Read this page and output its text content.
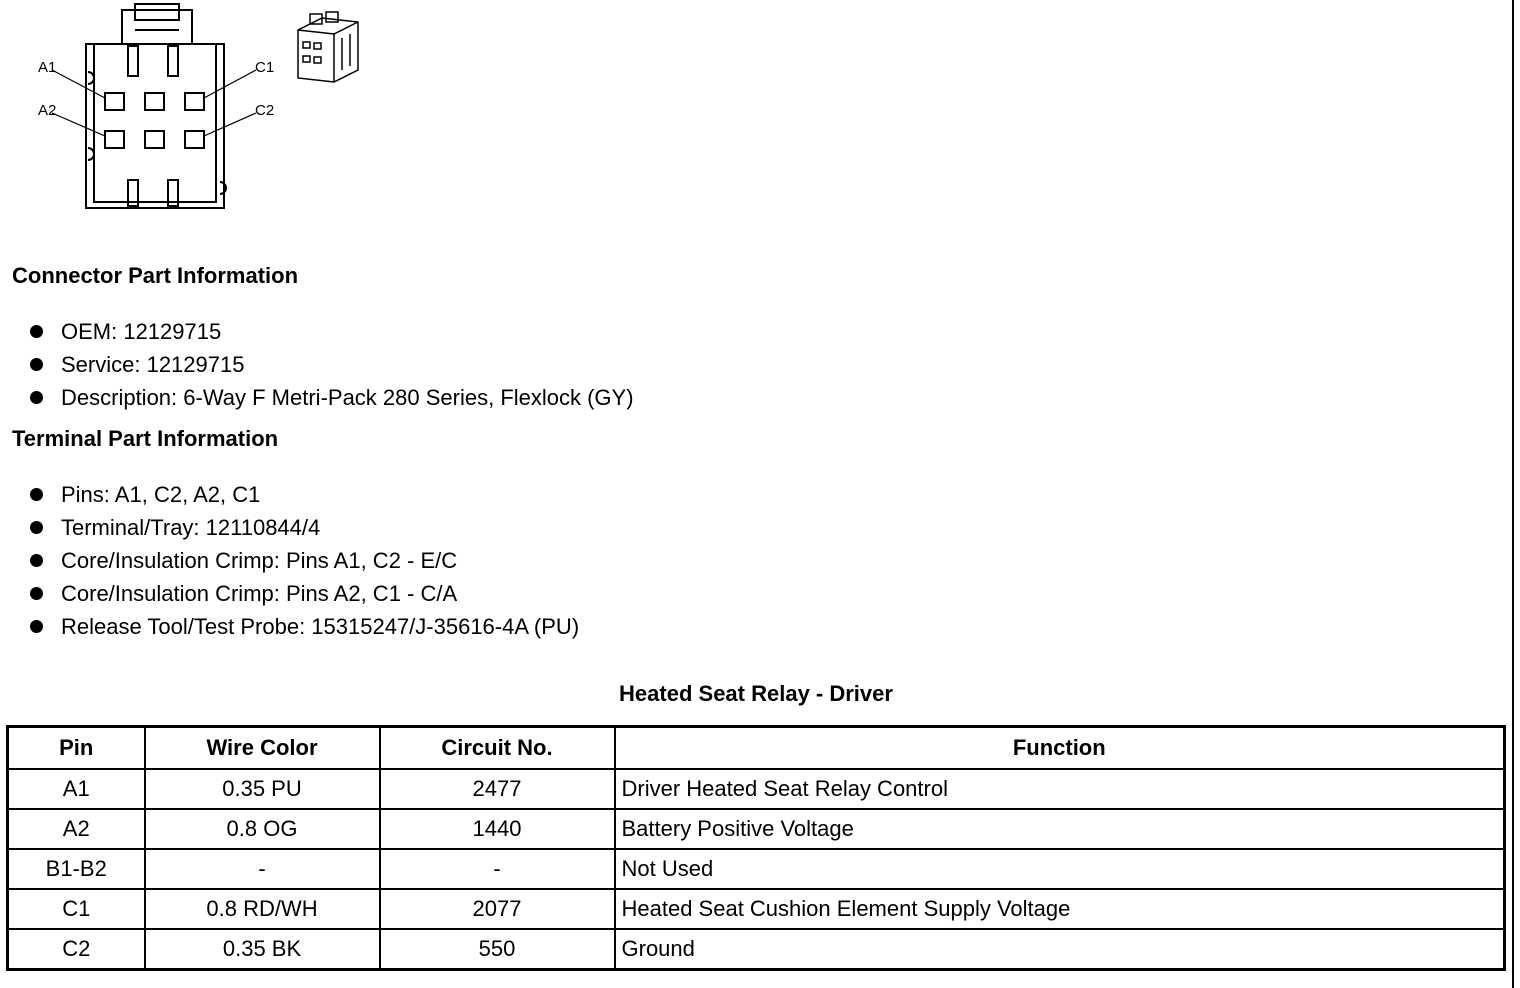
A1
A2
C1
C2
Connector Part Information
OEM: 12129715
Service: 12129715
Description: 6-Way F Metri-Pack 280 Series, Flexlock (GY)
Terminal Part Information
Pins: A1, C2, A2, C1
Terminal/Tray: 12110844/4
Core/Insulation Crimp: Pins A1, C2 - E/C
Core/Insulation Crimp: Pins A2, C1 - C/A
Release Tool/Test Probe: 15315247/J-35616-4A (PU)
Heated Seat Relay - Driver
Pin	Wire Color	Circuit No.	Function
A1	0.35 PU	2477	Driver Heated Seat Relay Control
A2	0.8 OG	1440	Battery Positive Voltage
B1-B2	-	-	Not Used
C1	0.8 RD/WH	2077	Heated Seat Cushion Element Supply Voltage
C2	0.35 BK	550	Ground
